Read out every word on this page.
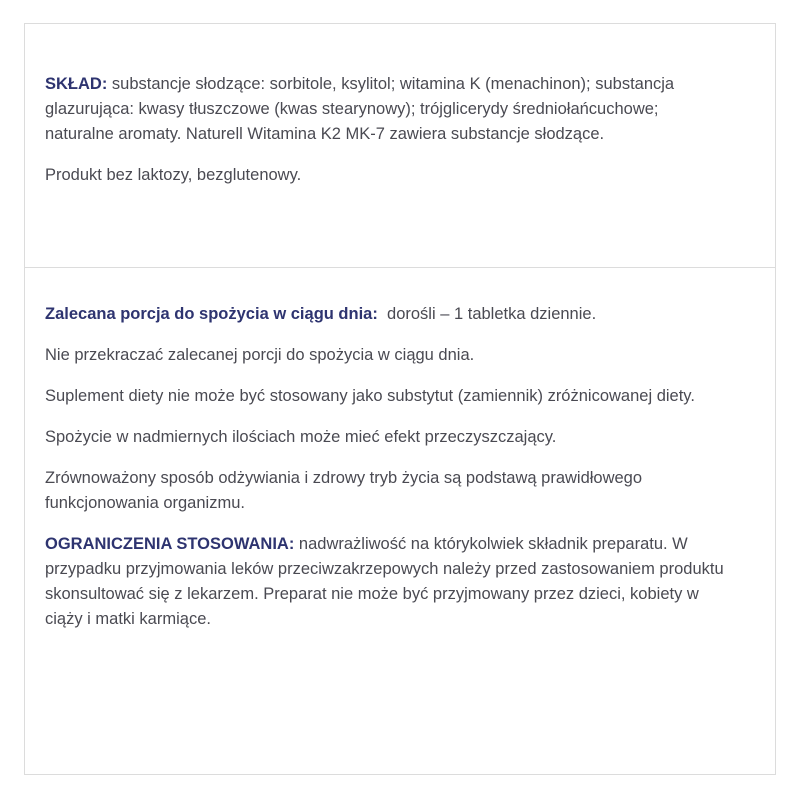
SKŁAD: substancje słodzące: sorbitole, ksylitol; witamina K (menachinon); substancja glazurująca: kwasy tłuszczowe (kwas stearynowy); trójglicerydy średniołańcuchowe; naturalne aromaty. Naturell Witamina K2 MK-7 zawiera substancje słodzące.

Produkt bez laktozy, bezglutenowy.

Zalecana porcja do spożycia w ciągu dnia:  dorośli – 1 tabletka dziennie.

Nie przekraczać zalecanej porcji do spożycia w ciągu dnia.

Suplement diety nie może być stosowany jako substytut (zamiennik) zróżnicowanej diety.

Spożycie w nadmiernych ilościach może mieć efekt przeczyszczający.

Zrównoważony sposób odżywiania i zdrowy tryb życia są podstawą prawidłowego funkcjonowania organizmu.

OGRANICZENIA STOSOWANIA: nadwrażliwość na którykolwiek składnik preparatu. W przypadku przyjmowania leków przeciwzakrzepowych należy przed zastosowaniem produktu skonsultować się z lekarzem. Preparat nie może być przyjmowany przez dzieci, kobiety w ciąży i matki karmiące.
